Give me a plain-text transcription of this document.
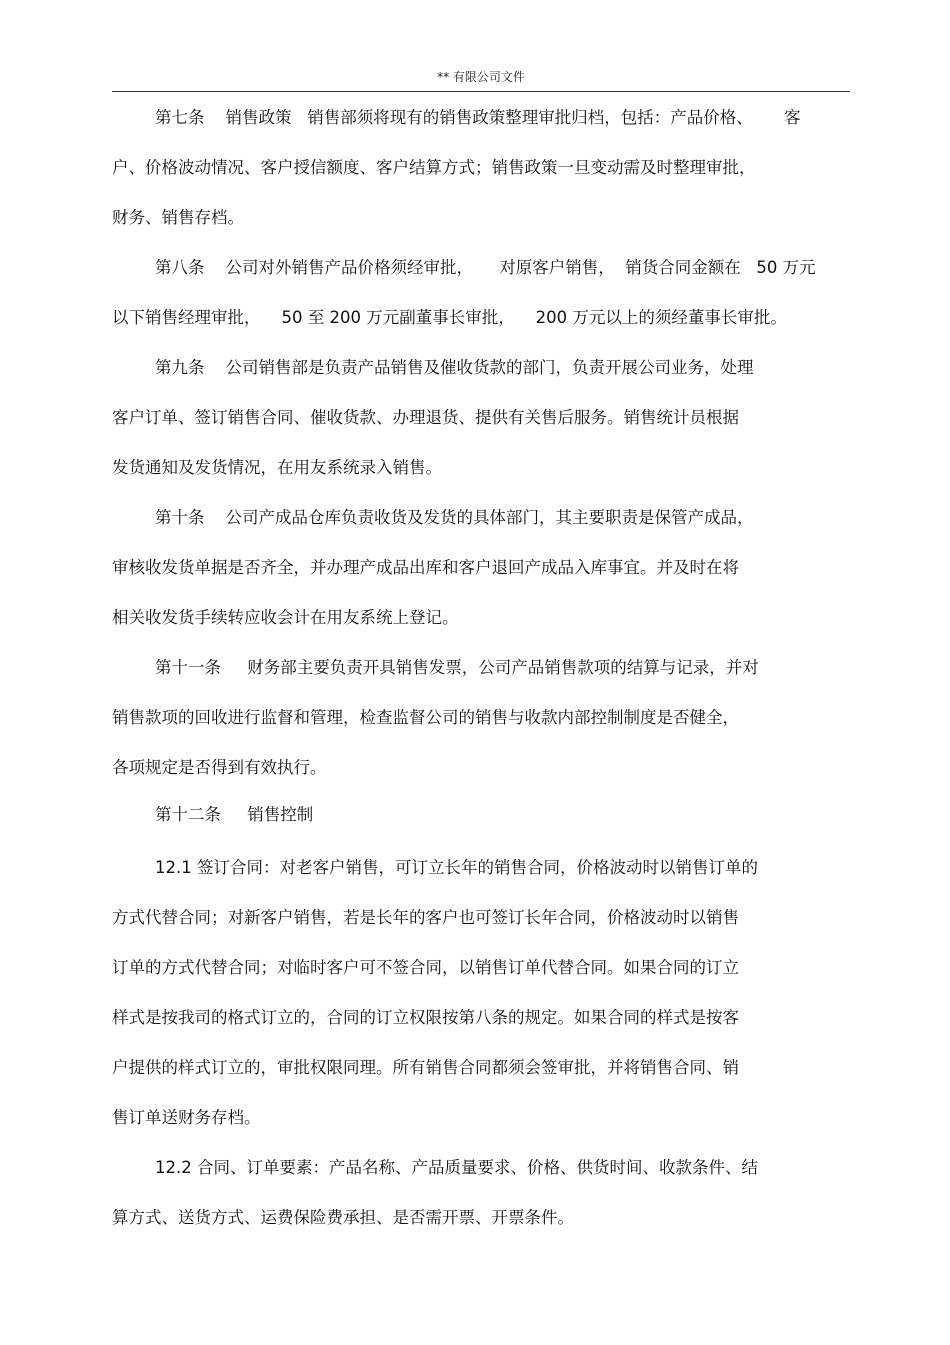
** 有限公司文件
第七条    销售政策   销售部须将现有的销售政策整理审批归档，包括：产品价格、      客
户、价格波动情况、客户授信额度、客户结算方式；销售政策一旦变动需及时整理审批，
财务、销售存档。
第八条    公司对外销售产品价格须经审批，     对原客户销售，  销货合同金额在   50 万元
以下销售经理审批，    50 至 200 万元副董事长审批，    200 万元以上的须经董事长审批。
第九条    公司销售部是负责产品销售及催收货款的部门，负责开展公司业务，处理
客户订单、签订销售合同、催收货款、办理退货、提供有关售后服务。销售统计员根据
发货通知及发货情况，在用友系统录入销售。
第十条    公司产成品仓库负责收货及发货的具体部门，其主要职责是保管产成品，
审核收发货单据是否齐全，并办理产成品出库和客户退回产成品入库事宜。并及时在将
相关收发货手续转应收会计在用友系统上登记。
第十一条     财务部主要负责开具销售发票，公司产品销售款项的结算与记录，并对
销售款项的回收进行监督和管理，检查监督公司的销售与收款内部控制制度是否健全，
各项规定是否得到有效执行。
第十二条     销售控制
12.1 签订合同：对老客户销售，可订立长年的销售合同，价格波动时以销售订单的
方式代替合同；对新客户销售，若是长年的客户也可签订长年合同，价格波动时以销售
订单的方式代替合同；对临时客户可不签合同，以销售订单代替合同。如果合同的订立
样式是按我司的格式订立的，合同的订立权限按第八条的规定。如果合同的样式是按客
户提供的样式订立的，审批权限同理。所有销售合同都须会签审批，并将销售合同、销
售订单送财务存档。
12.2 合同、订单要素：产品名称、产品质量要求、价格、供货时间、收款条件、结
算方式、送货方式、运费保险费承担、是否需开票、开票条件。
